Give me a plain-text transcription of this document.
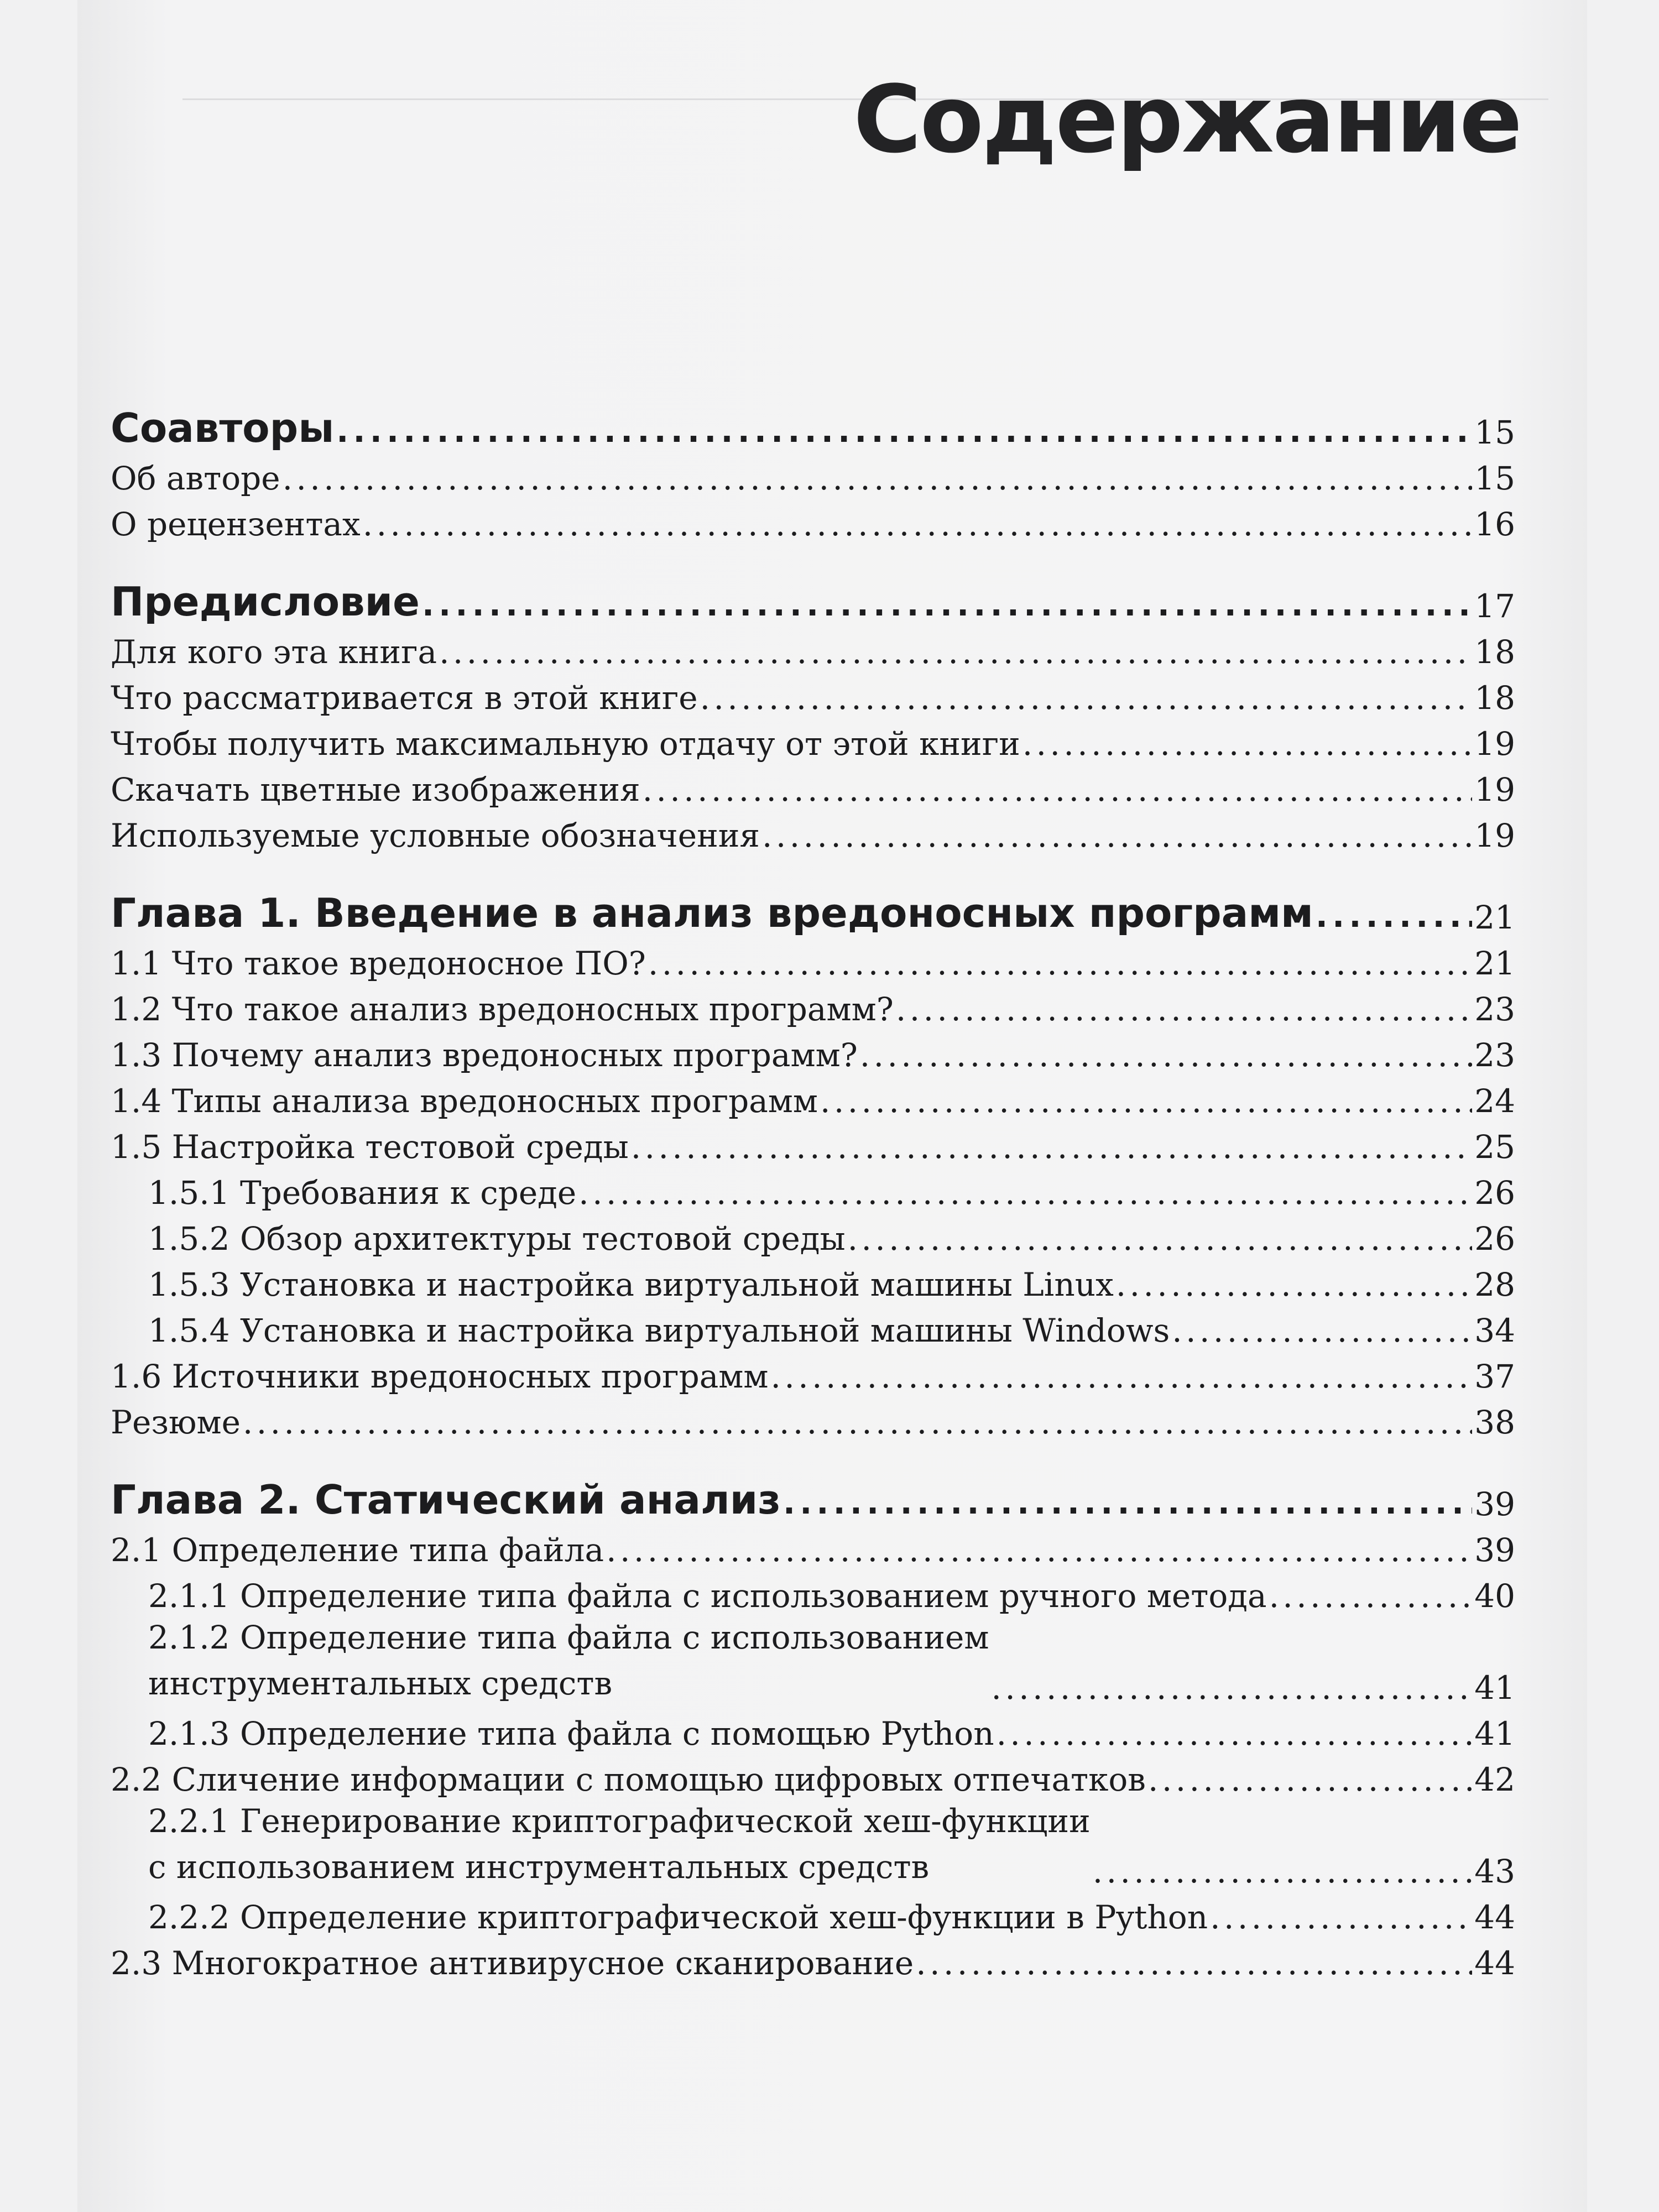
Содержание
Соавторы . . .	15
Об авторе . . .	15
О рецензентах . . .	16
Предисловие . . .	17
Для кого эта книга . . .	18
Что рассматривается в этой книге . . .	18
Чтобы получить максимальную отдачу от этой книги . . .	19
Скачать цветные изображения . . .	19
Используемые условные обозначения . . .	19
Глава 1. Введение в анализ вредоносных программ . . .	21
1.1 Что такое вредоносное ПО? . . .	21
1.2 Что такое анализ вредоносных программ? . . .	23
1.3 Почему анализ вредоносных программ? . . .	23
1.4 Типы анализа вредоносных программ . . .	24
1.5 Настройка тестовой среды . . .	25
1.5.1 Требования к среде . . .	26
1.5.2 Обзор архитектуры тестовой среды . . .	26
1.5.3 Установка и настройка виртуальной машины Linux . . .	28
1.5.4 Установка и настройка виртуальной машины Windows . . .	34
1.6 Источники вредоносных программ . . .	37
Резюме . . .	38
Глава 2. Статический анализ . . .	39
2.1 Определение типа файла . . .	39
2.1.1 Определение типа файла с использованием ручного метода . . .	40
2.1.2 Определение типа файла с использованием
инструментальных средств . . .	41
2.1.3 Определение типа файла с помощью Python . . .	41
2.2 Сличение информации с помощью цифровых отпечатков . . .	42
2.2.1 Генерирование криптографической хеш-функции
с использованием инструментальных средств . . .	43
2.2.2 Определение криптографической хеш-функции в Python . . .	44
2.3 Многократное антивирусное сканирование . . .	44
